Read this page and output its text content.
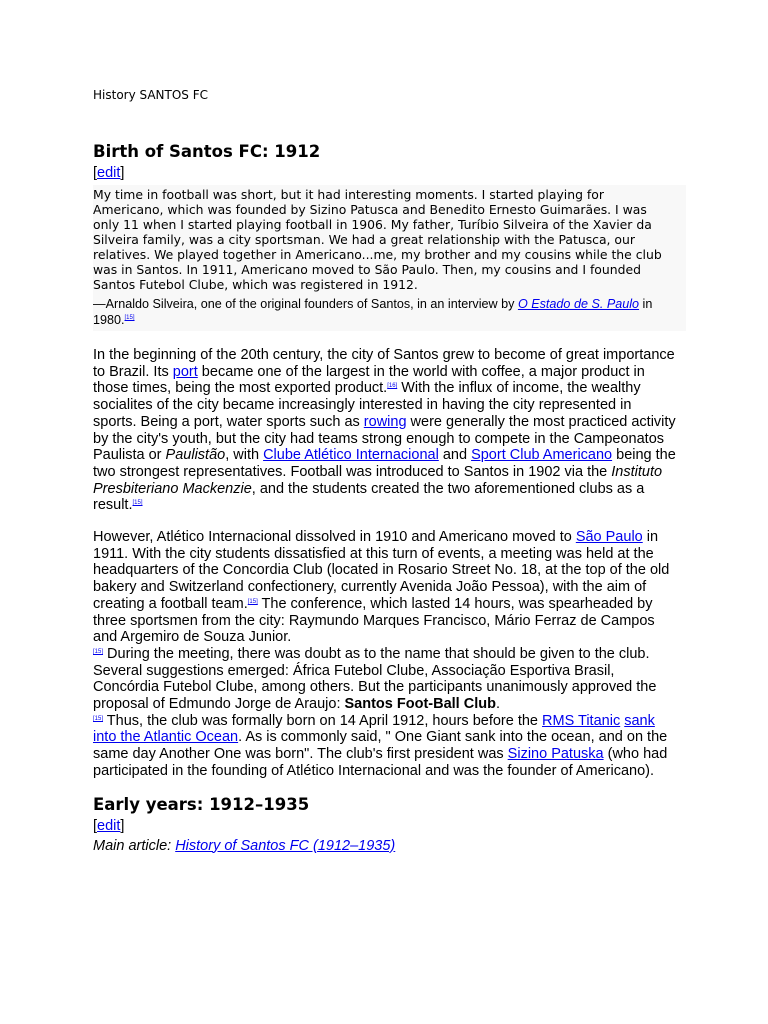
History SANTOS FC
Birth of Santos FC: 1912
[edit]
My time in football was short, but it had interesting moments. I started playing for Americano, which was founded by Sizino Patusca and Benedito Ernesto Guimarães. I was only 11 when I started playing football in 1906. My father, Turíbio Silveira of the Xavier da Silveira family, was a city sportsman. We had a great relationship with the Patusca, our relatives. We played together in Americano...me, my brother and my cousins while the club was in Santos. In 1911, Americano moved to São Paulo. Then, my cousins and I founded Santos Futebol Clube, which was registered in 1912.
—Arnaldo Silveira, one of the original founders of Santos, in an interview by O Estado de S. Paulo in 1980.[15]

In the beginning of the 20th century, the city of Santos grew to become of great importance to Brazil. Its port became one of the largest in the world with coffee, a major product in those times, being the most exported product.[16] With the influx of income, the wealthy socialites of the city became increasingly interested in having the city represented in sports. Being a port, water sports such as rowing were generally the most practiced activity by the city's youth, but the city had teams strong enough to compete in the Campeonatos Paulista or Paulistão, with Clube Atlético Internacional and Sport Club Americano being the two strongest representatives. Football was introduced to Santos in 1902 via the Instituto Presbiteriano Mackenzie, and the students created the two aforementioned clubs as a result.[15]

However, Atlético Internacional dissolved in 1910 and Americano moved to São Paulo in 1911. With the city students dissatisfied at this turn of events, a meeting was held at the headquarters of the Concordia Club (located in Rosario Street No. 18, at the top of the old bakery and Switzerland confectionery, currently Avenida João Pessoa), with the aim of creating a football team.[15] The conference, which lasted 14 hours, was spearheaded by three sportsmen from the city: Raymundo Marques Francisco, Mário Ferraz de Campos and Argemiro de Souza Junior.
[15] During the meeting, there was doubt as to the name that should be given to the club. Several suggestions emerged: África Futebol Clube, Associação Esportiva Brasil, Concórdia Futebol Clube, among others. But the participants unanimously approved the proposal of Edmundo Jorge de Araujo: Santos Foot-Ball Club.
[15] Thus, the club was formally born on 14 April 1912, hours before the RMS Titanic sank into the Atlantic Ocean. As is commonly said, " One Giant sank into the ocean, and on the same day Another One was born". The club's first president was Sizino Patuska (who had participated in the founding of Atlético Internacional and was the founder of Americano).

Early years: 1912–1935
[edit]
Main article: History of Santos FC (1912–1935)
